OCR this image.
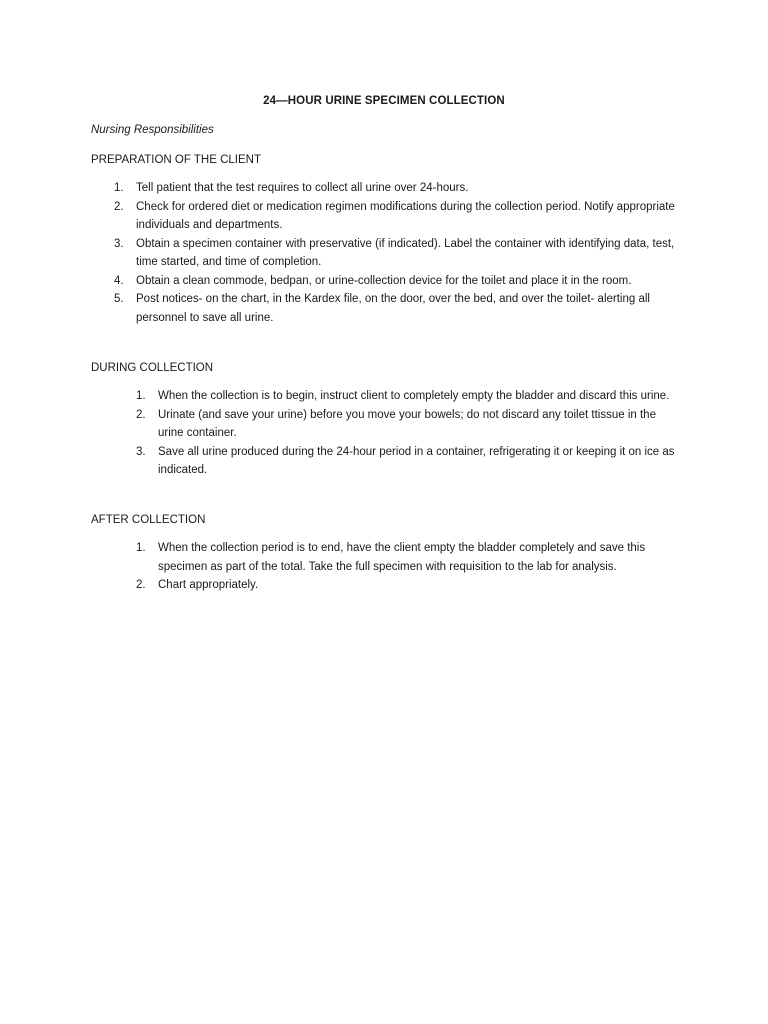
24—HOUR URINE SPECIMEN COLLECTION
Nursing Responsibilities
PREPARATION OF THE CLIENT
1.	Tell patient that the test requires to collect all urine over 24-hours.
2.	Check for ordered diet or medication regimen modifications during the collection period. Notify appropriate individuals and departments.
3.	Obtain a specimen container with preservative (if indicated). Label the container with identifying data, test, time started, and time of completion.
4.	Obtain a clean commode, bedpan, or urine-collection device for the toilet and place it in the room.
5.	Post notices- on the chart, in the Kardex file, on the door, over the bed, and over the toilet- alerting all personnel to save all urine.
DURING COLLECTION
1.	When the collection is to begin, instruct client to completely empty the bladder and discard this urine.
2.	Urinate (and save your urine) before you move your bowels; do not discard any toilet ttissue in the urine container.
3.	Save all urine produced during the 24-hour period in a container, refrigerating it or keeping it on ice as indicated.
AFTER COLLECTION
1.	When the collection period is to end, have the client empty the bladder completely and save this specimen as part of the total. Take the full specimen with requisition to the lab for analysis.
2.	Chart appropriately.
